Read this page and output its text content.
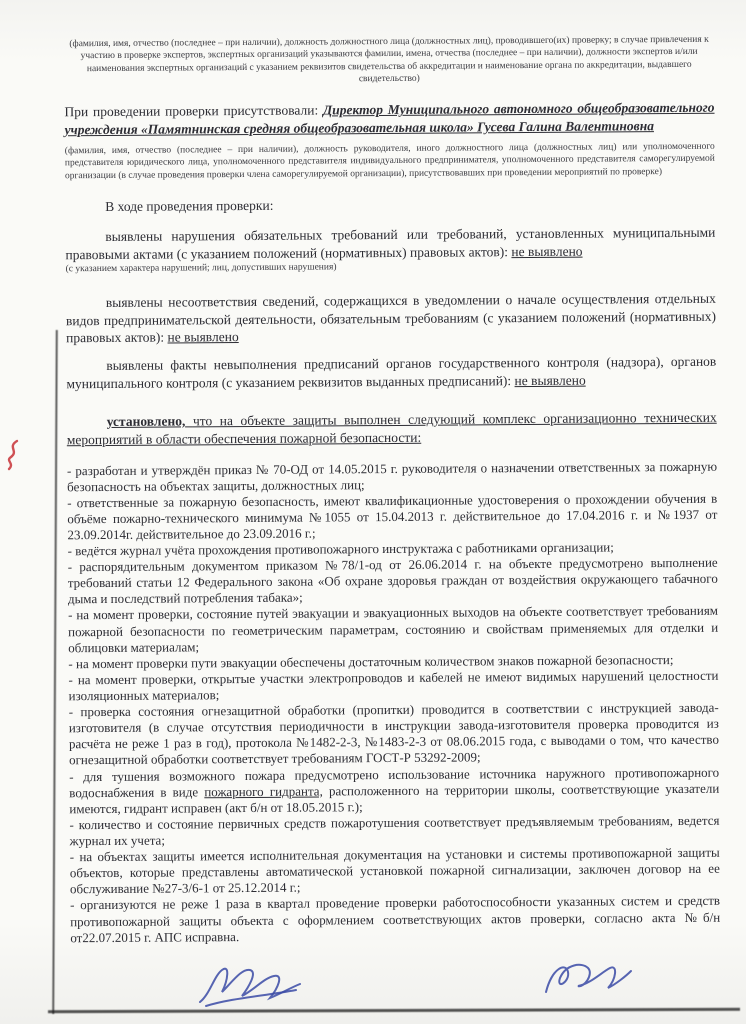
(фамилия, имя, отчество (последнее – при наличии), должность должностного лица (должностных лиц), проводившего(их) проверку; в случае привлечения к участию в проверке экспертов, экспертных организаций указываются фамилии, имена, отчества (последнее – при наличии), должности экспертов и/или наименования экспертных организаций с указанием реквизитов свидетельства об аккредитации и наименование органа по аккредитации, выдавшего свидетельство)

При проведении проверки присутствовали: Директор Муниципального автономного общеобразовательного учреждения «Памятнинская средняя общеобразовательная школа» Гусева Галина Валентиновна

(фамилия, имя, отчество (последнее – при наличии), должность руководителя, иного должностного лица (должностных лиц) или уполномоченного представителя юридического лица, уполномоченного представителя индивидуального предпринимателя, уполномоченного представителя саморегулируемой организации (в случае проведения проверки члена саморегулируемой организации), присутствовавших при проведении мероприятий по проверке)

В ходе проведения проверки:

выявлены нарушения обязательных требований или требований, установленных муниципальными правовыми актами (с указанием положений (нормативных) правовых актов): не выявлено

(с указанием характера нарушений; лиц, допустивших нарушения)

выявлены несоответствия сведений, содержащихся в уведомлении о начале осуществления отдельных видов предпринимательской деятельности, обязательным требованиям (с указанием положений (нормативных) правовых актов): не выявлено

выявлены факты невыполнения предписаний органов государственного контроля (надзора), органов муниципального контроля (с указанием реквизитов выданных предписаний): не выявлено

установлено, что на объекте защиты выполнен следующий комплекс организационно технических мероприятий в области обеспечения пожарной безопасности:

- разработан и утверждён приказ № 70-ОД от 14.05.2015 г. руководителя о назначении ответственных за пожарную безопасность на объектах защиты, должностных лиц;

- ответственные за пожарную безопасность, имеют квалификационные удостоверения о прохождении обучения в объёме пожарно-технического минимума №1055 от 15.04.2013 г. действительное до 17.04.2016 г. и №1937 от 23.09.2014г. действительное до 23.09.2016 г.;

- ведётся журнал учёта прохождения противопожарного инструктажа с работниками организации;

- распорядительным документом приказом №78/1-од от 26.06.2014 г. на объекте предусмотрено выполнение требований статьи 12 Федерального закона «Об охране здоровья граждан от воздействия окружающего табачного дыма и последствий потребления табака»;

- на момент проверки, состояние путей эвакуации и эвакуационных выходов на объекте соответствует требованиям пожарной безопасности по геометрическим параметрам, состоянию и свойствам применяемых для отделки и облицовки материалам;

- на момент проверки пути эвакуации обеспечены достаточным количеством знаков пожарной безопасности;

- на момент проверки, открытые участки электропроводов и кабелей не имеют видимых нарушений целостности изоляционных материалов;

- проверка состояния огнезащитной обработки (пропитки) проводится в соответствии с инструкцией завода-изготовителя (в случае отсутствия периодичности в инструкции завода-изготовителя проверка проводится из расчёта не реже 1 раз в год), протокола №1482-2-3, №1483-2-3 от 08.06.2015 года, с выводами о том, что качество огнезащитной обработки соответствует требованиям ГОСТ-Р 53292-2009;

- для тушения возможного пожара предусмотрено использование источника наружного противопожарного водоснабжения в виде пожарного гидранта, расположенного на территории школы, соответствующие указатели имеются, гидрант исправен (акт б/н от 18.05.2015 г.);

- количество и состояние первичных средств пожаротушения соответствует предъявляемым требованиям, ведется журнал их учета;

- на объектах защиты имеется исполнительная документация на установки и системы противопожарной защиты объектов, которые представлены автоматической установкой пожарной сигнализации, заключен договор на ее обслуживание №27-3/6-1 от 25.12.2014 г.;

- организуются не реже 1 раза в квартал проведение проверки работоспособности указанных систем и средств противопожарной защиты объекта с оформлением соответствующих актов проверки, согласно акта №б/н от22.07.2015 г. АПС исправна.
